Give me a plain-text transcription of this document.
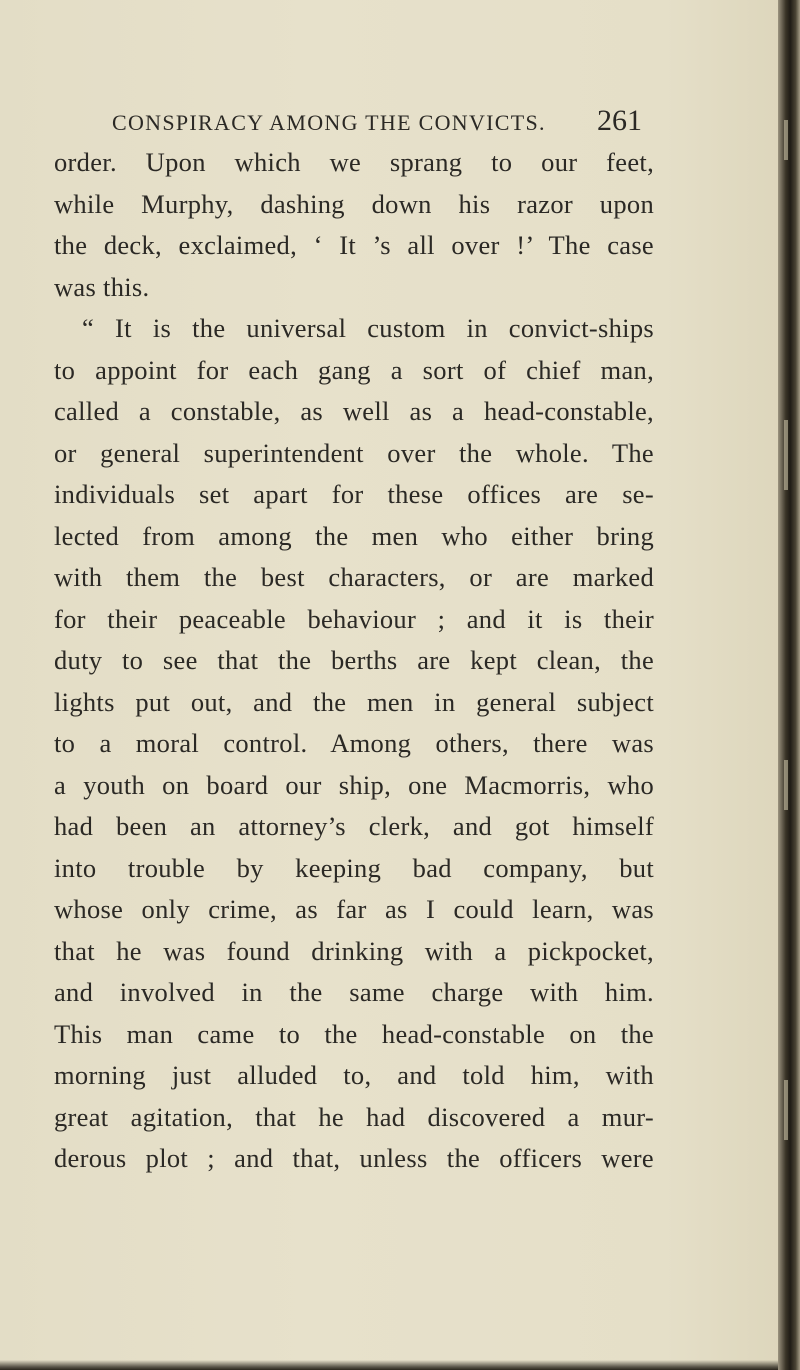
CONSPIRACY AMONG THE CONVICTS. 261
order. Upon which we sprang to our feet,
while Murphy, dashing down his razor upon
the deck, exclaimed, ‘ It ’s all over !’ The case
was this.
“ It is the universal custom in convict-ships
to appoint for each gang a sort of chief man,
called a constable, as well as a head-constable,
or general superintendent over the whole. The
individuals set apart for these offices are se-
lected from among the men who either bring
with them the best characters, or are marked
for their peaceable behaviour ; and it is their
duty to see that the berths are kept clean, the
lights put out, and the men in general subject
to a moral control. Among others, there was
a youth on board our ship, one Macmorris, who
had been an attorney’s clerk, and got himself
into trouble by keeping bad company, but
whose only crime, as far as I could learn, was
that he was found drinking with a pickpocket,
and involved in the same charge with him.
This man came to the head-constable on the
morning just alluded to, and told him, with
great agitation, that he had discovered a mur-
derous plot ; and that, unless the officers were
